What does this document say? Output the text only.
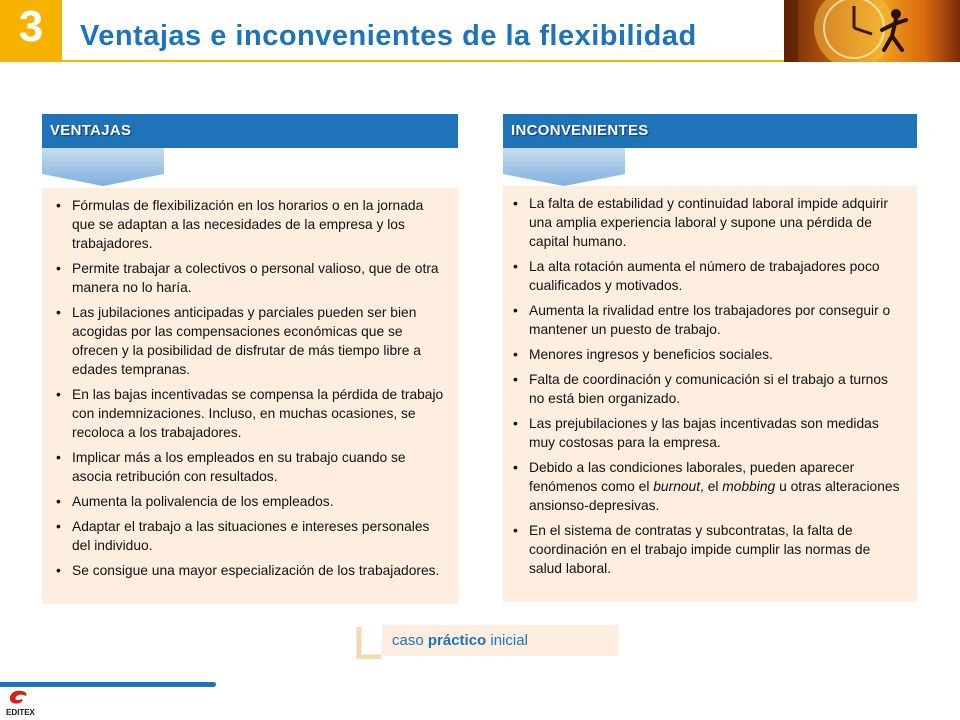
3	Ventajas e inconvenientes de la flexibilidad
VENTAJAS
• Fórmulas de flexibilización en los horarios o en la jornada que se adaptan a las necesidades de la empresa y los trabajadores.
• Permite trabajar a colectivos o personal valioso, que de otra manera no lo haría.
• Las jubilaciones anticipadas y parciales pueden ser bien acogidas por las compensaciones económicas que se ofrecen y la posibilidad de disfrutar de más tiempo libre a edades tempranas.
• En las bajas incentivadas se compensa la pérdida de trabajo con indemnizaciones. Incluso, en muchas ocasiones, se recoloca a los trabajadores.
• Implicar más a los empleados en su trabajo cuando se asocia retribución con resultados.
• Aumenta la polivalencia de los empleados.
• Adaptar el trabajo a las situaciones e intereses personales del individuo.
• Se consigue una mayor especialización de los trabajadores.
INCONVENIENTES
• La falta de estabilidad y continuidad laboral impide adquirir una amplia experiencia laboral y supone una pérdida de capital humano.
• La alta rotación aumenta el número de trabajadores poco cualificados y motivados.
• Aumenta la rivalidad entre los trabajadores por conseguir o mantener un puesto de trabajo.
• Menores ingresos y beneficios sociales.
• Falta de coordinación y comunicación si el trabajo a turnos no está bien organizado.
• Las prejubilaciones y las bajas incentivadas son medidas muy costosas para la empresa.
• Debido a las condiciones laborales, pueden aparecer fenómenos como el burnout, el mobbing u otras alteraciones ansionso-depresivas.
• En el sistema de contratas y subcontratas, la falta de coordinación en el trabajo impide cumplir las normas de salud laboral.
caso práctico inicial
EDITEX
